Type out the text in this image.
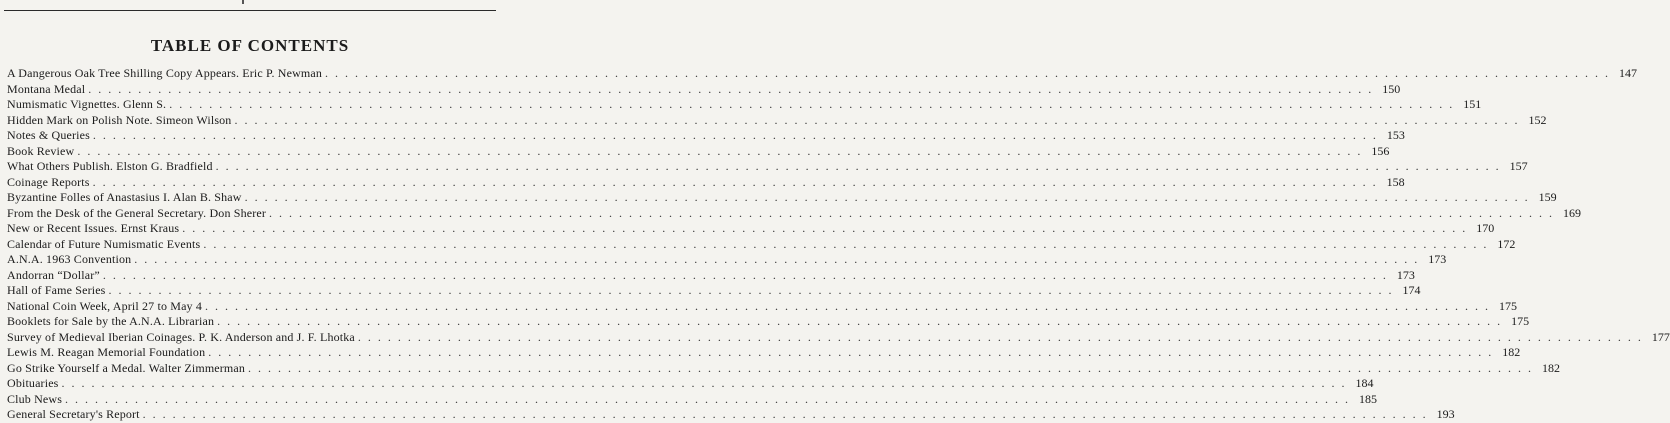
TABLE OF CONTENTS
A Dangerous Oak Tree Shilling Copy Appears. Eric P. Newman . . .	147
Montana Medal . . .	150
Numismatic Vignettes. Glenn S. . . .	151
Hidden Mark on Polish Note. Simeon Wilson . . .	152
Notes & Queries . . .	153
Book Review . . .	156
What Others Publish. Elston G. Bradfield . . .	157
Coinage Reports . . .	158
Byzantine Folles of Anastasius I. Alan B. Shaw . . .	159
From the Desk of the General Secretary. Don Sherer . . .	169
New or Recent Issues. Ernst Kraus . . .	170
Calendar of Future Numismatic Events . . .	172
A.N.A. 1963 Convention . . .	173
Andorran “Dollar” . . .	173
Hall of Fame Series . . .	174
National Coin Week, April 27 to May 4 . . .	175
Booklets for Sale by the A.N.A. Librarian . . .	175
Survey of Medieval Iberian Coinages. P. K. Anderson and J. F. Lhotka . . .	177
Lewis M. Reagan Memorial Foundation . . .	182
Go Strike Yourself a Medal. Walter Zimmerman . . .	182
Obituaries . . .	184
Club News . . .	185
General Secretary's Report . . .	193
